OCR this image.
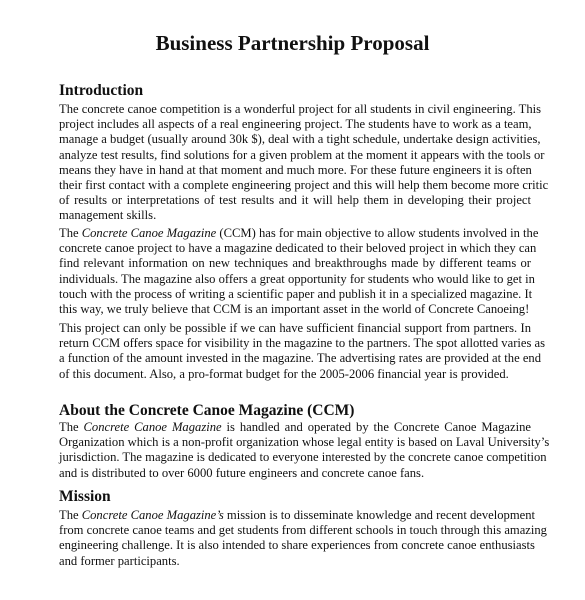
Business Partnership Proposal
Introduction
The concrete canoe competition is a wonderful project for all students in civil engineering. This
project includes all aspects of a real engineering project. The students have to work as a team,
manage a budget (usually around 30k $), deal with a tight schedule, undertake design activities,
analyze test results, find solutions for a given problem at the moment it appears with the tools or
means they have in hand at that moment and much more. For these future engineers it is often
their first contact with a complete engineering project and this will help them become more critic
of results or interpretations of test results and it will help them in developing their project
management skills.
The Concrete Canoe Magazine (CCM) has for main objective to allow students involved in the
concrete canoe project to have a magazine dedicated to their beloved project in which they can
find relevant information on new techniques and breakthroughs made by different teams or
individuals. The magazine also offers a great opportunity for students who would like to get in
touch with the process of writing a scientific paper and publish it in a specialized magazine. It
this way, we truly believe that CCM is an important asset in the world of Concrete Canoeing!
This project can only be possible if we can have sufficient financial support from partners. In
return CCM offers space for visibility in the magazine to the partners. The spot allotted varies as
a function of the amount invested in the magazine. The advertising rates are provided at the end
of this document. Also, a pro-format budget for the 2005-2006 financial year is provided.
About the Concrete Canoe Magazine (CCM)
The Concrete Canoe Magazine is handled and operated by the Concrete Canoe Magazine
Organization which is a non-profit organization whose legal entity is based on Laval University’s
jurisdiction. The magazine is dedicated to everyone interested by the concrete canoe competition
and is distributed to over 6000 future engineers and concrete canoe fans.
Mission
The Concrete Canoe Magazine’s mission is to disseminate knowledge and recent development
from concrete canoe teams and get students from different schools in touch through this amazing
engineering challenge. It is also intended to share experiences from concrete canoe enthusiasts
and former participants.
